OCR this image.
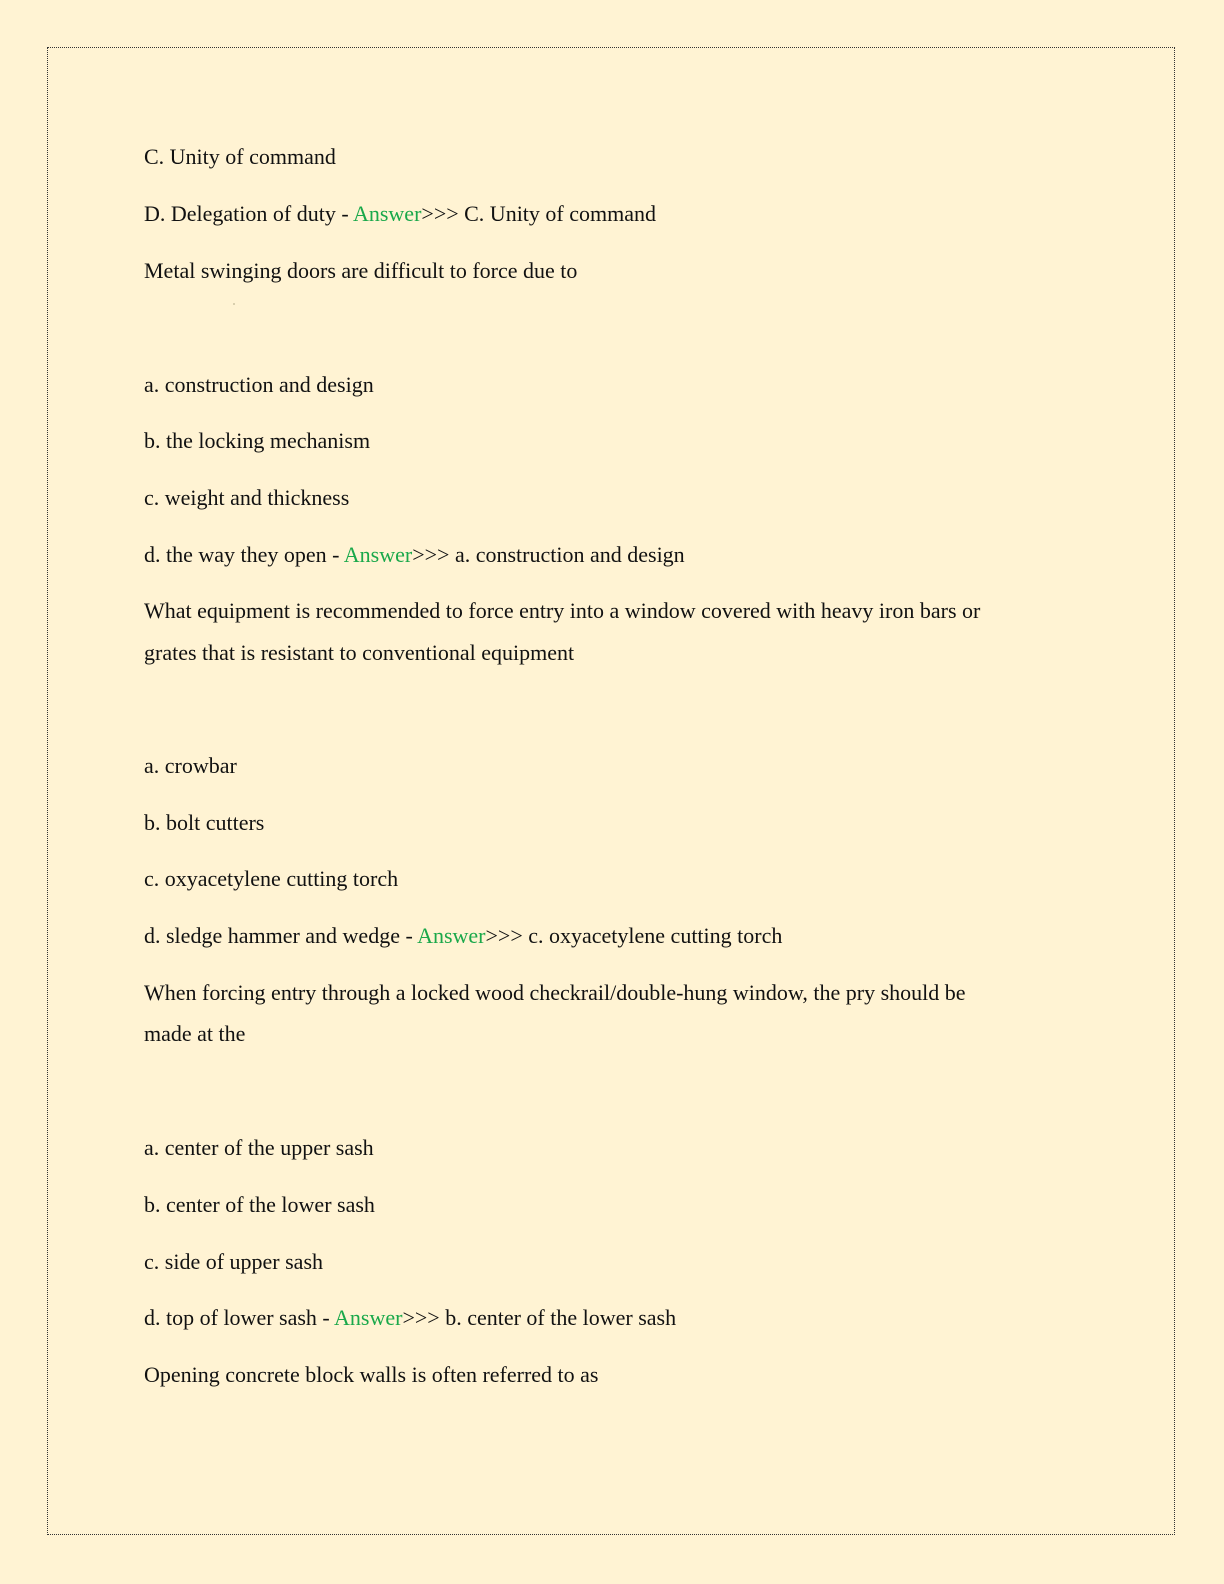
C. Unity of command

D. Delegation of duty - Answer>>> C. Unity of command

Metal swinging doors are difficult to force due to

a. construction and design

b. the locking mechanism

c. weight and thickness

d. the way they open - Answer>>> a. construction and design

What equipment is recommended to force entry into a window covered with heavy iron bars or

grates that is resistant to conventional equipment

a. crowbar

b. bolt cutters

c. oxyacetylene cutting torch

d. sledge hammer and wedge - Answer>>> c. oxyacetylene cutting torch

When forcing entry through a locked wood checkrail/double-hung window, the pry should be

made at the

a. center of the upper sash

b. center of the lower sash

c. side of upper sash

d. top of lower sash - Answer>>> b. center of the lower sash

Opening concrete block walls is often referred to as
